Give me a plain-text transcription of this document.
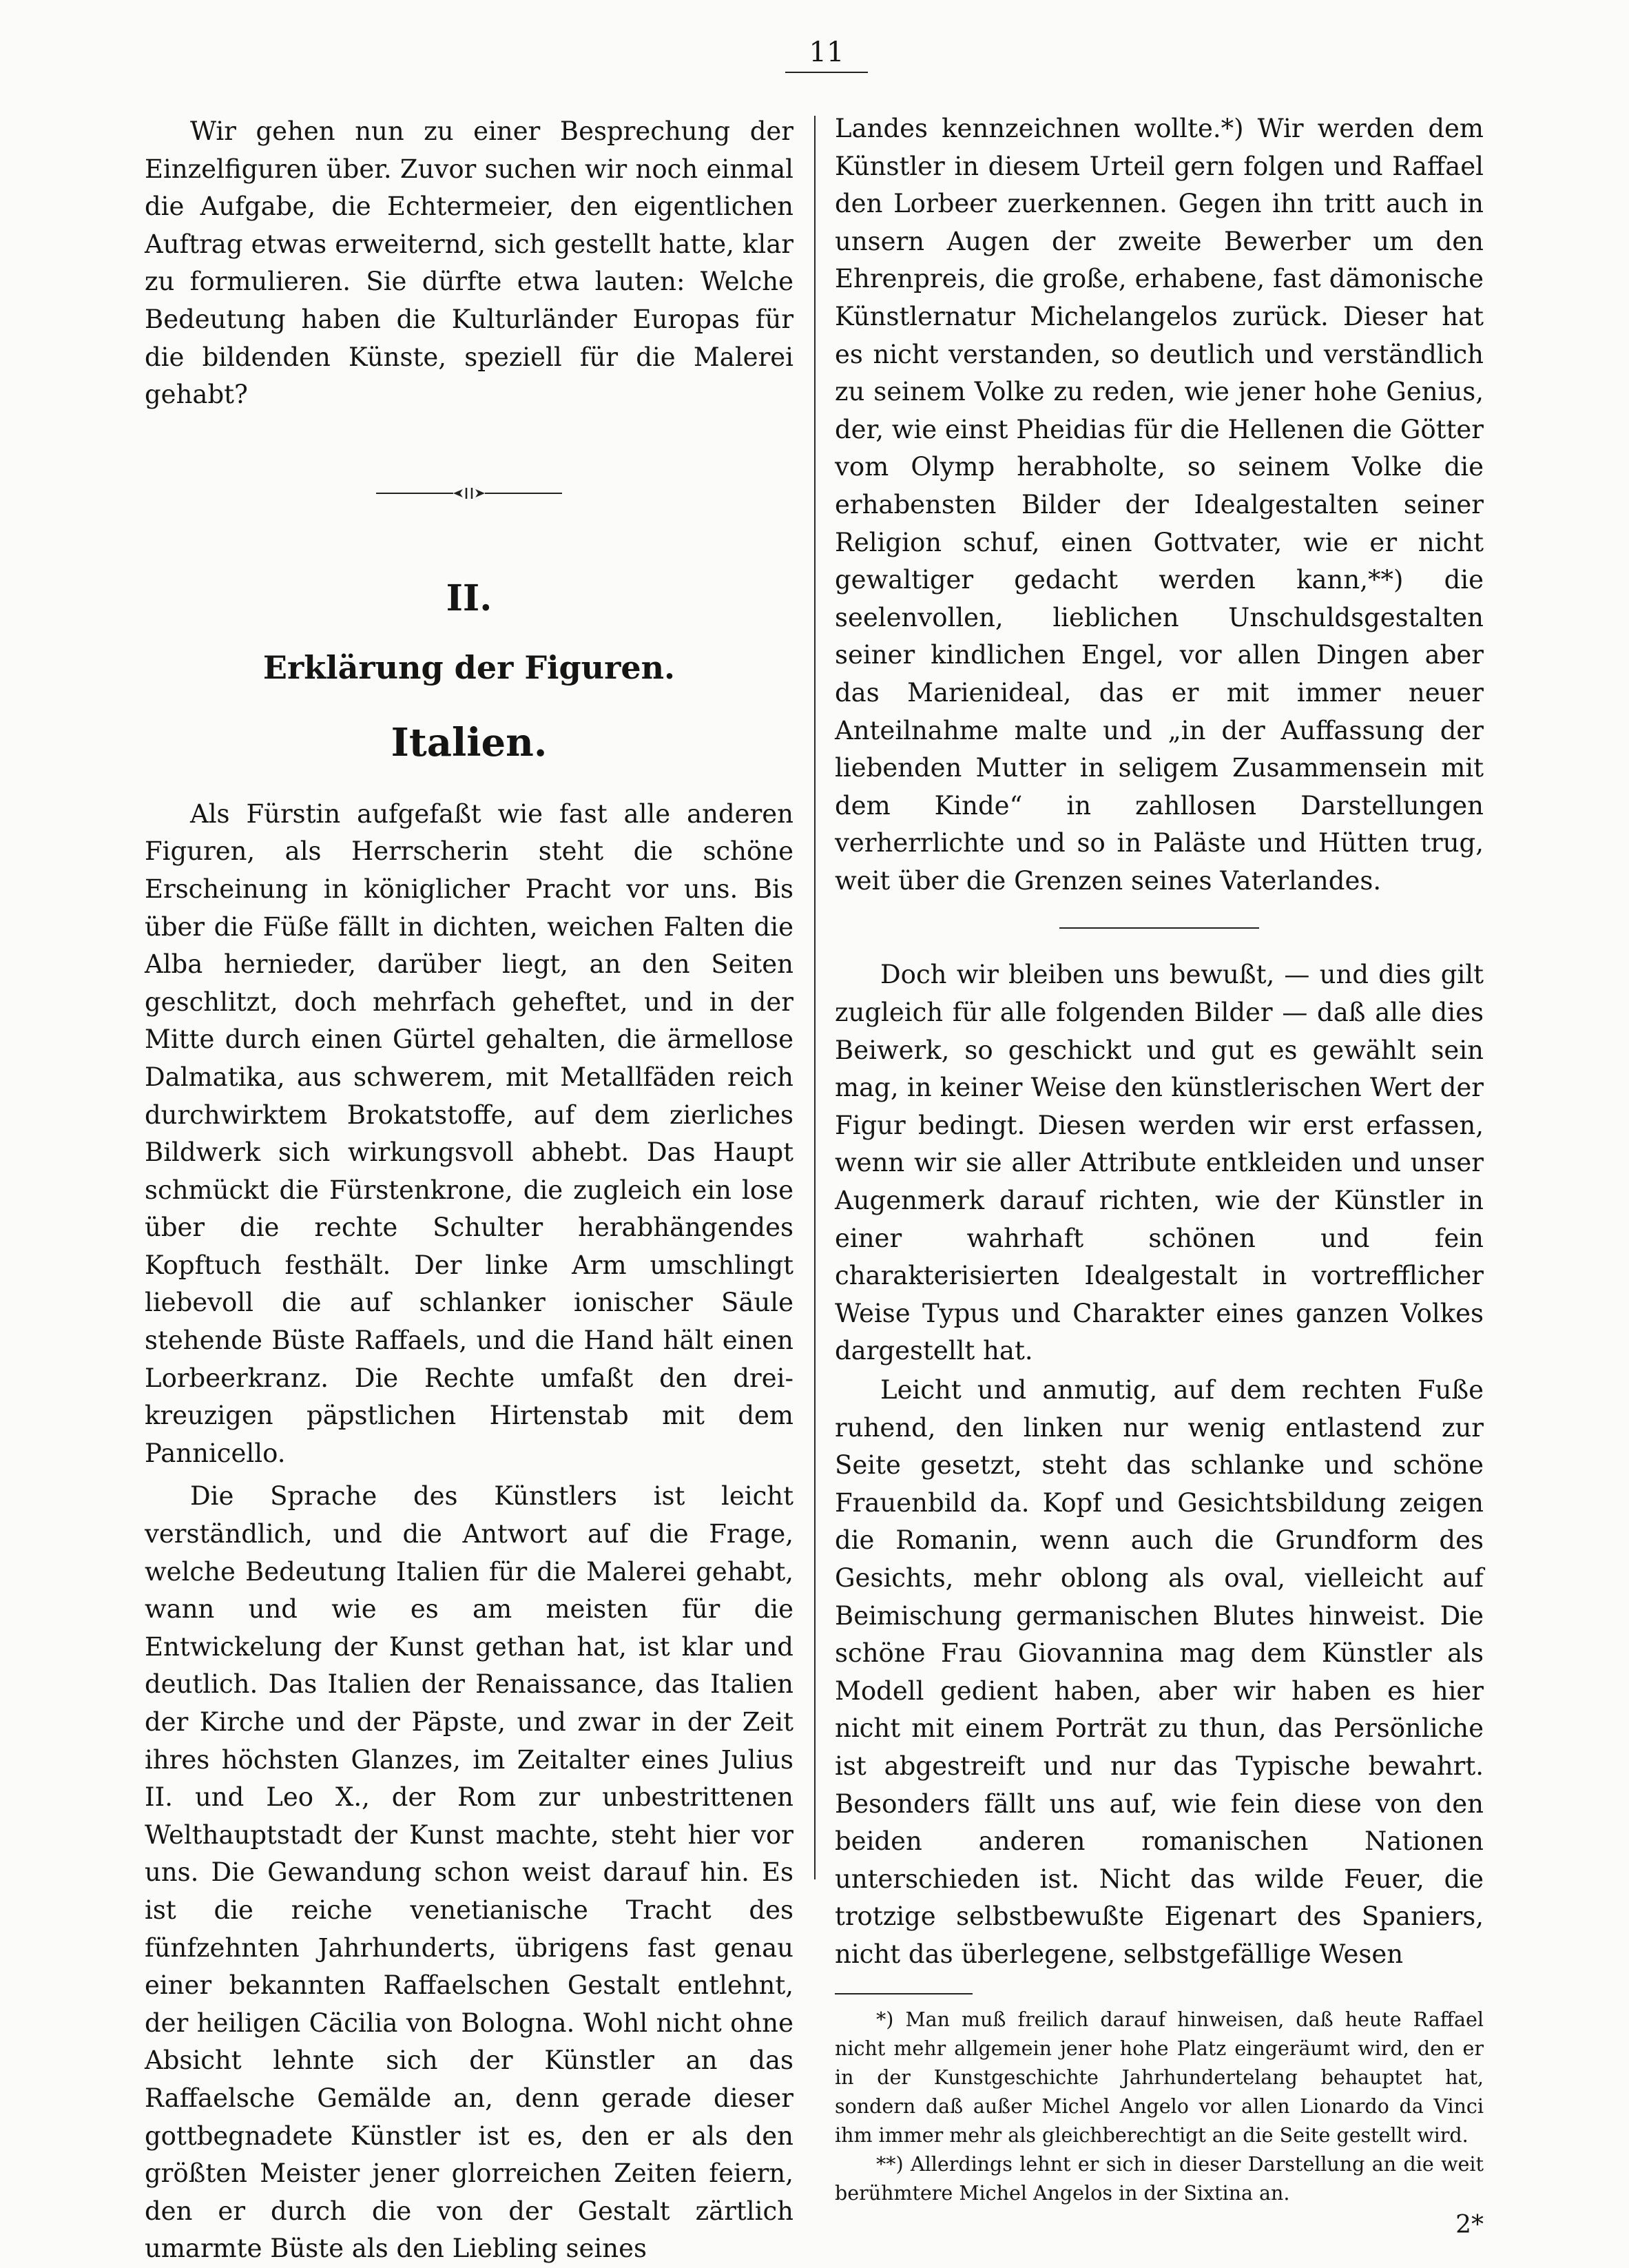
11

Wir gehen nun zu einer Besprechung der Einzelfiguren über. Zuvor suchen wir noch einmal die Aufgabe, die Echtermeier, den eigentlichen Auftrag etwas erweiternd, sich gestellt hatte, klar zu formulieren. Sie dürfte etwa lauten: Welche Bedeutung haben die Kulturländer Europas für die bildenden Künste, speziell für die Malerei gehabt?

II.
Erklärung der Figuren.
Italien.

Als Fürstin aufgefaßt wie fast alle anderen Figuren, als Herrscherin steht die schöne Erscheinung in königlicher Pracht vor uns. Bis über die Füße fällt in dichten, weichen Falten die Alba hernieder, darüber liegt, an den Seiten geschlitzt, doch mehrfach geheftet, und in der Mitte durch einen Gürtel gehalten, die ärmellose Dalmatika, aus schwerem, mit Metallfäden reich durchwirktem Brokatstoffe, auf dem zierliches Bildwerk sich wirkungsvoll abhebt. Das Haupt schmückt die Fürstenkrone, die zugleich ein lose über die rechte Schulter herabhängendes Kopftuch festhält. Der linke Arm umschlingt liebevoll die auf schlanker ionischer Säule stehende Büste Raffaels, und die Hand hält einen Lorbeerkranz. Die Rechte umfaßt den dreikreuzigen päpstlichen Hirtenstab mit dem Pannicello.

Die Sprache des Künstlers ist leicht verständlich, und die Antwort auf die Frage, welche Bedeutung Italien für die Malerei gehabt, wann und wie es am meisten für die Entwickelung der Kunst gethan hat, ist klar und deutlich. Das Italien der Renaissance, das Italien der Kirche und der Päpste, und zwar in der Zeit ihres höchsten Glanzes, im Zeitalter eines Julius II. und Leo X., der Rom zur unbestrittenen Welthauptstadt der Kunst machte, steht hier vor uns. Die Gewandung schon weist darauf hin. Es ist die reiche venetianische Tracht des fünfzehnten Jahrhunderts, übrigens fast genau einer bekannten Raffaelschen Gestalt entlehnt, der heiligen Cäcilia von Bologna. Wohl nicht ohne Absicht lehnte sich der Künstler an das Raffaelsche Gemälde an, denn gerade dieser gottbegnadete Künstler ist es, den er als den größten Meister jener glorreichen Zeiten feiern, den er durch die von der Gestalt zärtlich umarmte Büste als den Liebling seines

Landes kennzeichnen wollte.*) Wir werden dem Künstler in diesem Urteil gern folgen und Raffael den Lorbeer zuerkennen. Gegen ihn tritt auch in unsern Augen der zweite Bewerber um den Ehrenpreis, die große, erhabene, fast dämonische Künstlernatur Michelangelos zurück. Dieser hat es nicht verstanden, so deutlich und verständlich zu seinem Volke zu reden, wie jener hohe Genius, der, wie einst Pheidias für die Hellenen die Götter vom Olymp herabholte, so seinem Volke die erhabensten Bilder der Idealgestalten seiner Religion schuf, einen Gottvater, wie er nicht gewaltiger gedacht werden kann,**) die seelenvollen, lieblichen Unschuldsgestalten seiner kindlichen Engel, vor allen Dingen aber das Marienideal, das er mit immer neuer Anteilnahme malte und „in der Auffassung der liebenden Mutter in seligem Zusammensein mit dem Kinde“ in zahllosen Darstellungen verherrlichte und so in Paläste und Hütten trug, weit über die Grenzen seines Vaterlandes.

Doch wir bleiben uns bewußt, — und dies gilt zugleich für alle folgenden Bilder — daß alle dies Beiwerk, so geschickt und gut es gewählt sein mag, in keiner Weise den künstlerischen Wert der Figur bedingt. Diesen werden wir erst erfassen, wenn wir sie aller Attribute entkleiden und unser Augenmerk darauf richten, wie der Künstler in einer wahrhaft schönen und fein charakterisierten Idealgestalt in vortrefflicher Weise Typus und Charakter eines ganzen Volkes dargestellt hat.

Leicht und anmutig, auf dem rechten Fuße ruhend, den linken nur wenig entlastend zur Seite gesetzt, steht das schlanke und schöne Frauenbild da. Kopf und Gesichtsbildung zeigen die Romanin, wenn auch die Grundform des Gesichts, mehr oblong als oval, vielleicht auf Beimischung germanischen Blutes hinweist. Die schöne Frau Giovannina mag dem Künstler als Modell gedient haben, aber wir haben es hier nicht mit einem Porträt zu thun, das Persönliche ist abgestreift und nur das Typische bewahrt. Besonders fällt uns auf, wie fein diese von den beiden anderen romanischen Nationen unterschieden ist. Nicht das wilde Feuer, die trotzige selbstbewußte Eigenart des Spaniers, nicht das überlegene, selbstgefällige Wesen

*) Man muß freilich darauf hinweisen, daß heute Raffael nicht mehr allgemein jener hohe Platz eingeräumt wird, den er in der Kunstgeschichte Jahrhundertelang behauptet hat, sondern daß außer Michel Angelo vor allen Lionardo da Vinci ihm immer mehr als gleichberechtigt an die Seite gestellt wird.

**) Allerdings lehnt er sich in dieser Darstellung an die weit berühmtere Michel Angelos in der Sixtina an.

2*
